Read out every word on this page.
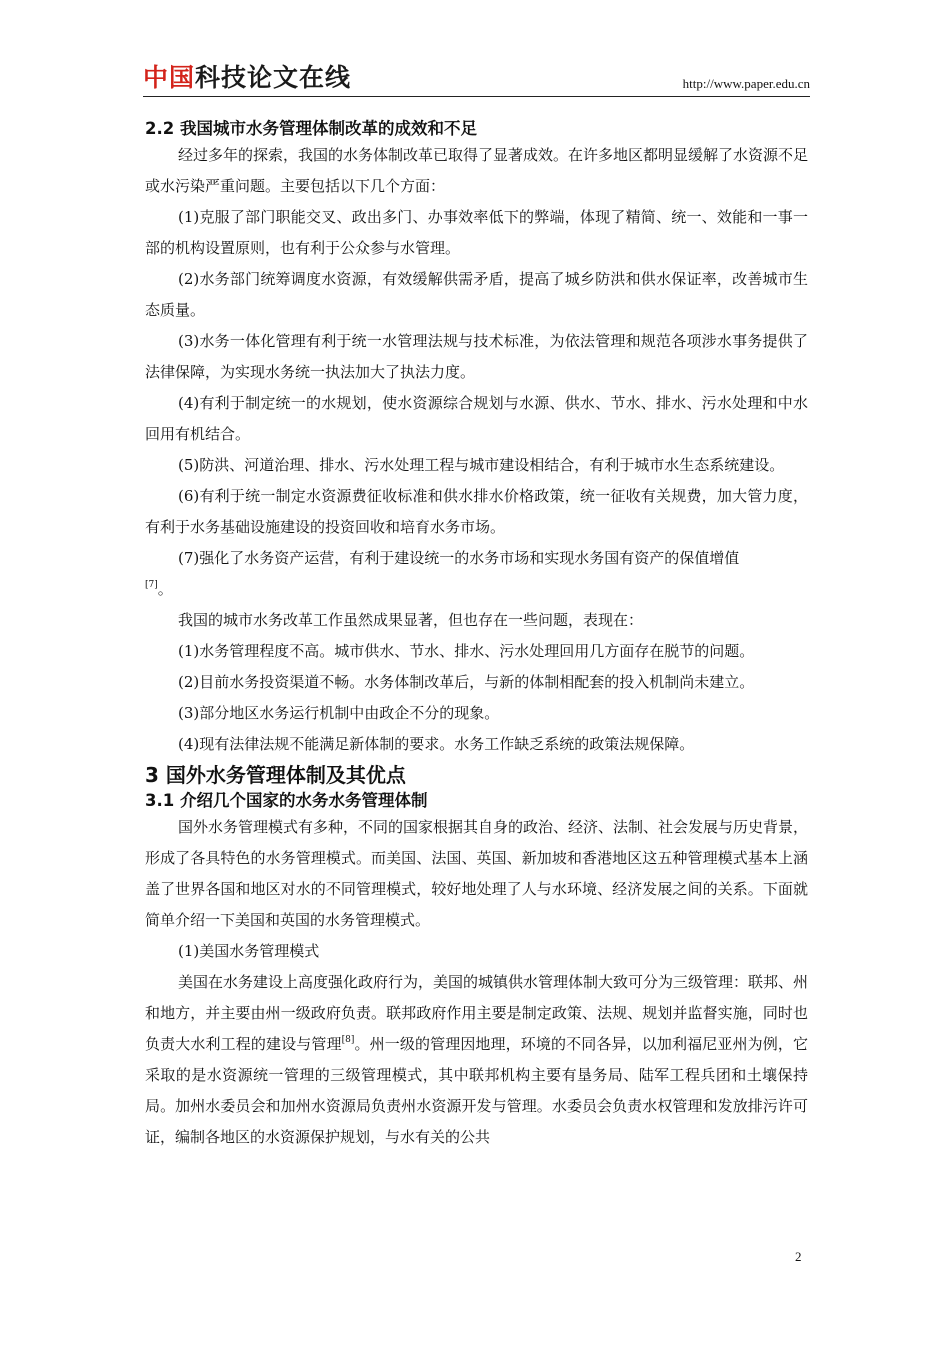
中国科技论文在线	http://www.paper.edu.cn
2.2 我国城市水务管理体制改革的成效和不足

经过多年的探索，我国的水务体制改革已取得了显著成效。在许多地区都明显缓解了水资源不足或水污染严重问题。主要包括以下几个方面：

(1)克服了部门职能交叉、政出多门、办事效率低下的弊端，体现了精简、统一、效能和一事一部的机构设置原则，也有利于公众参与水管理。

(2)水务部门统筹调度水资源，有效缓解供需矛盾，提高了城乡防洪和供水保证率，改善城市生态质量。

(3)水务一体化管理有利于统一水管理法规与技术标准，为依法管理和规范各项涉水事务提供了法律保障，为实现水务统一执法加大了执法力度。

(4)有利于制定统一的水规划，使水资源综合规划与水源、供水、节水、排水、污水处理和中水回用有机结合。

(5)防洪、河道治理、排水、污水处理工程与城市建设相结合，有利于城市水生态系统建设。

(6)有利于统一制定水资源费征收标准和供水排水价格政策，统一征收有关规费，加大管力度，有利于水务基础设施建设的投资回收和培育水务市场。

(7)强化了水务资产运营，有利于建设统一的水务市场和实现水务国有资产的保值增值
[7]。

我国的城市水务改革工作虽然成果显著，但也存在一些问题，表现在：

(1)水务管理程度不高。城市供水、节水、排水、污水处理回用几方面存在脱节的问题。

(2)目前水务投资渠道不畅。水务体制改革后，与新的体制相配套的投入机制尚未建立。

(3)部分地区水务运行机制中由政企不分的现象。

(4)现有法律法规不能满足新体制的要求。水务工作缺乏系统的政策法规保障。

3 国外水务管理体制及其优点
3.1 介绍几个国家的水务水务管理体制

国外水务管理模式有多种，不同的国家根据其自身的政治、经济、法制、社会发展与历史背景，形成了各具特色的水务管理模式。而美国、法国、英国、新加坡和香港地区这五种管理模式基本上涵盖了世界各国和地区对水的不同管理模式，较好地处理了人与水环境、经济发展之间的关系。下面就简单介绍一下美国和英国的水务管理模式。

(1)美国水务管理模式

美国在水务建设上高度强化政府行为，美国的城镇供水管理体制大致可分为三级管理：联邦、州和地方，并主要由州一级政府负责。联邦政府作用主要是制定政策、法规、规划并监督实施，同时也负责大水利工程的建设与管理[8]。州一级的管理因地理，环境的不同各异，以加利福尼亚州为例，它采取的是水资源统一管理的三级管理模式，其中联邦机构主要有垦务局、陆军工程兵团和土壤保持局。加州水委员会和加州水资源局负责州水资源开发与管理。水委员会负责水权管理和发放排污许可证，编制各地区的水资源保护规划，与水有关的公共

2
